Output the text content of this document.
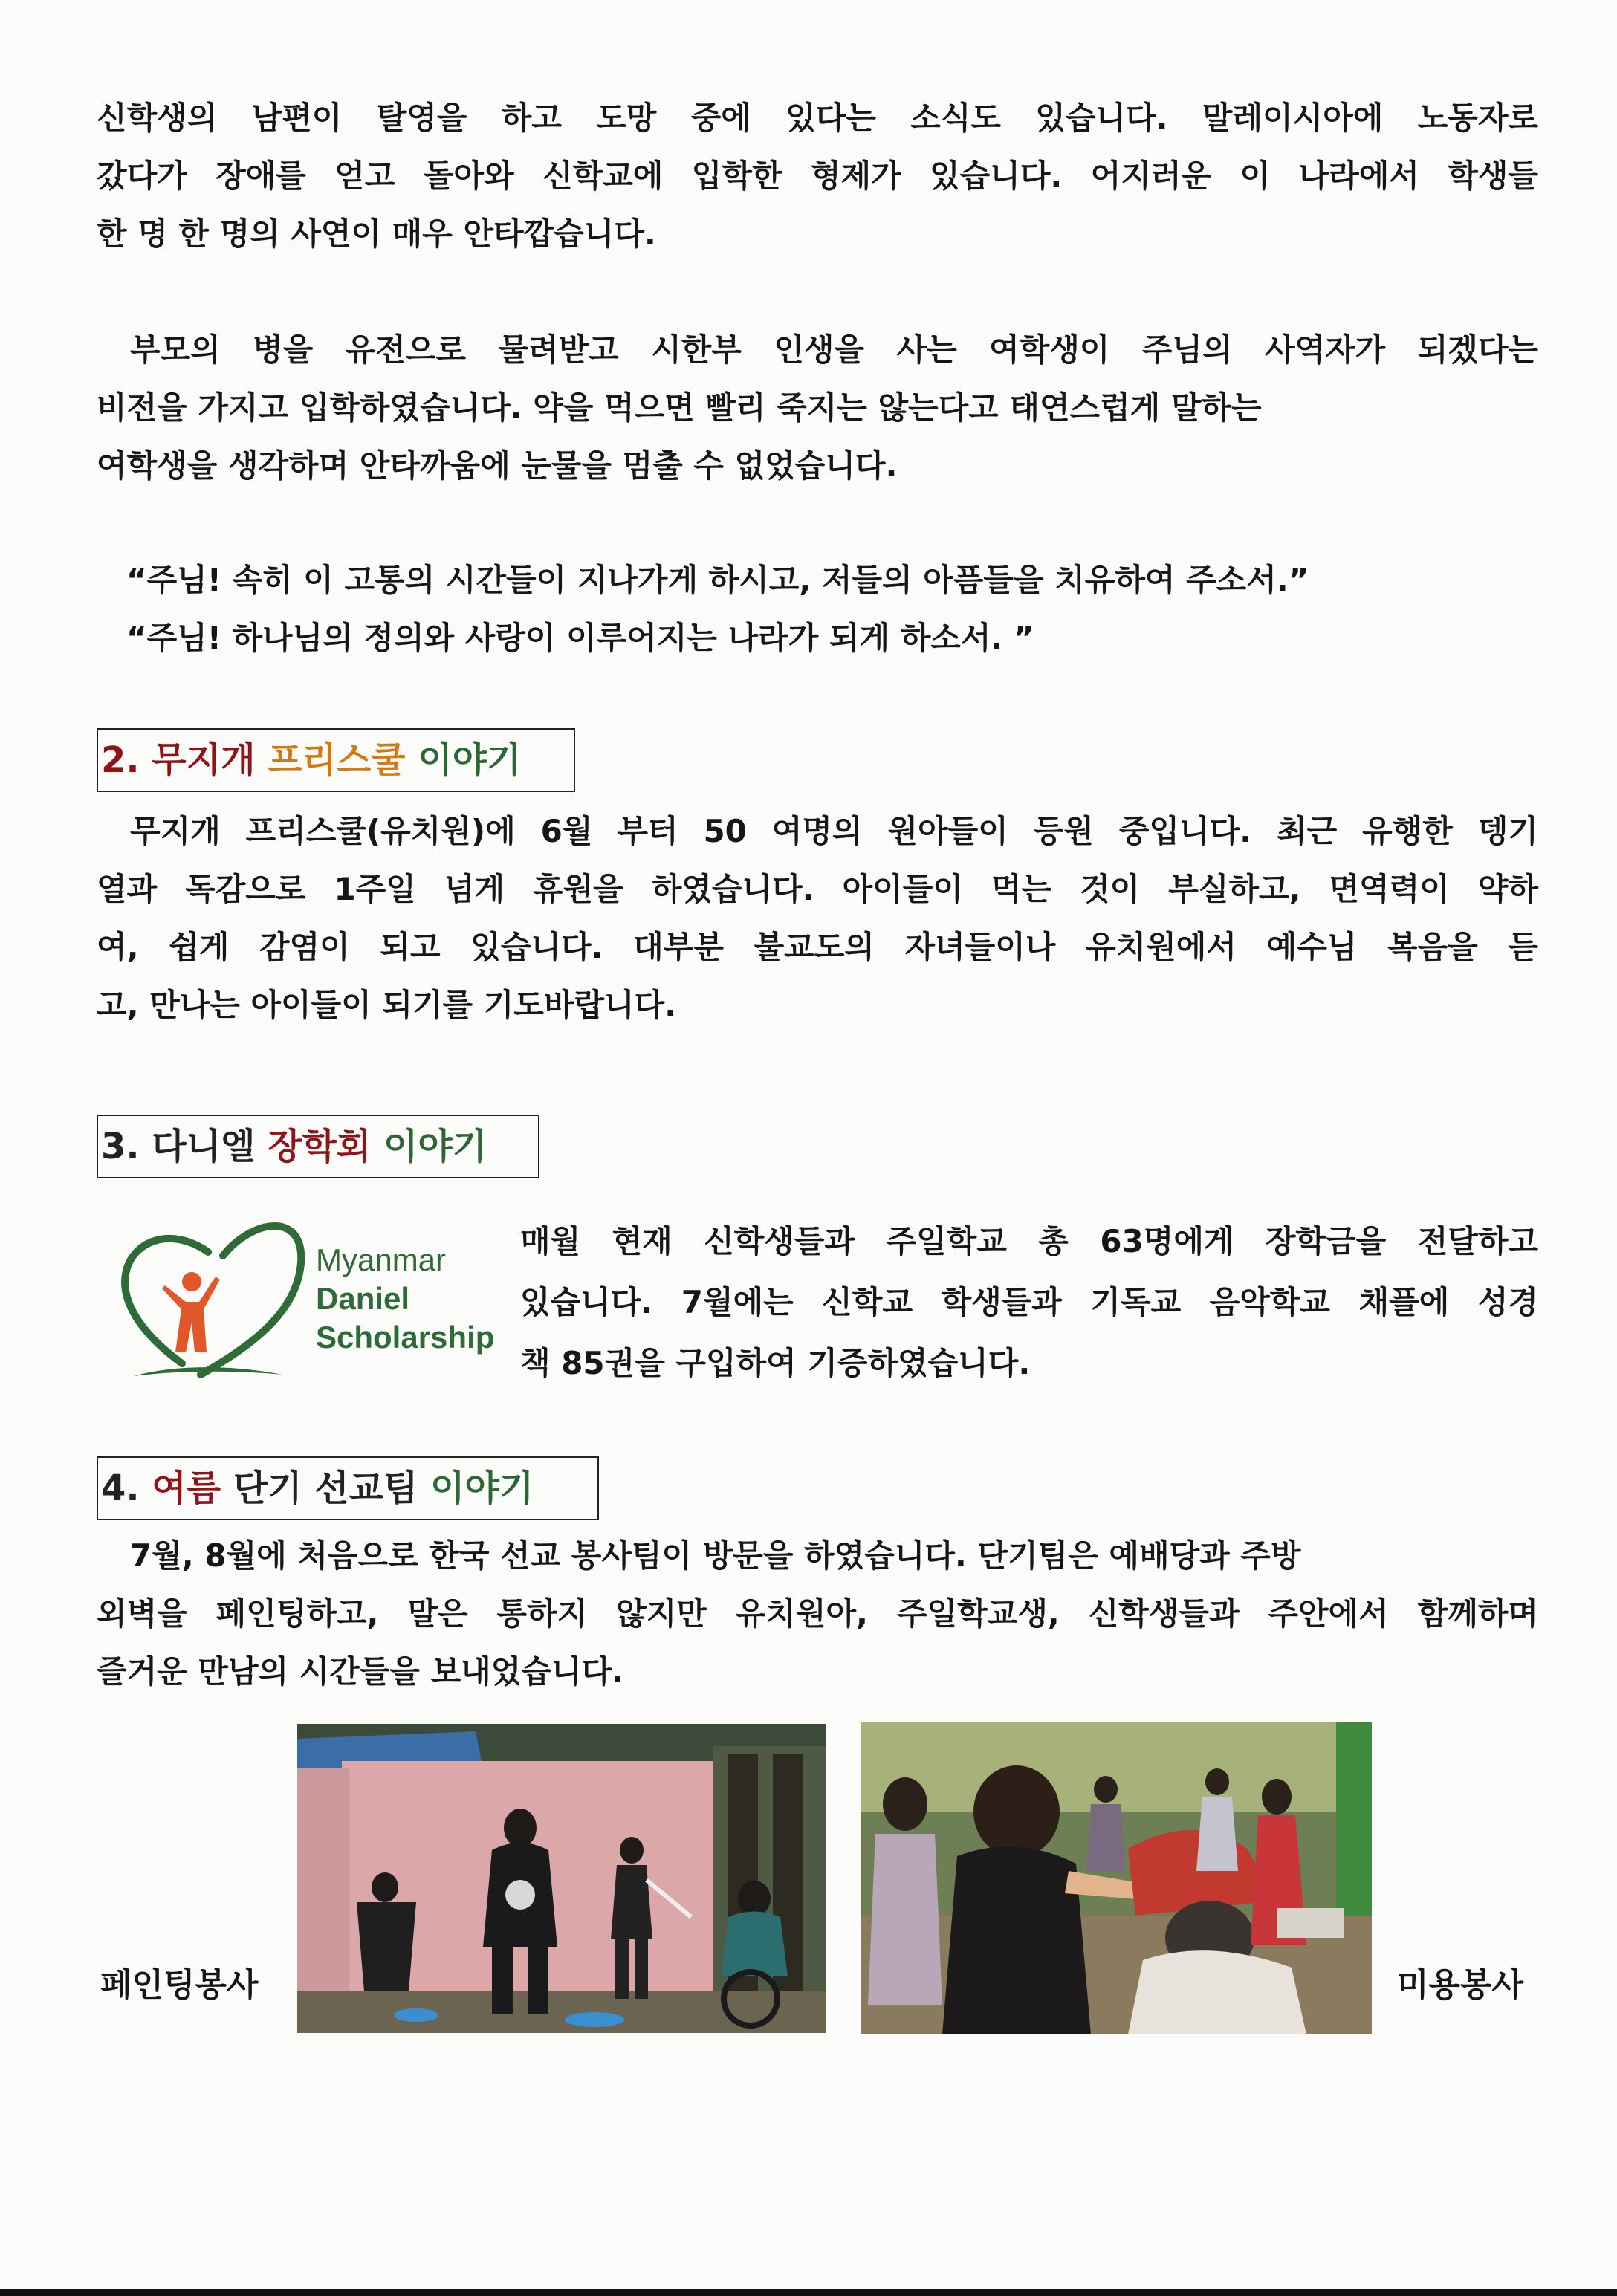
신학생의 남편이 탈영을 하고 도망 중에 있다는 소식도 있습니다. 말레이시아에 노동자로
갔다가 장애를 얻고 돌아와 신학교에 입학한 형제가 있습니다. 어지러운 이 나라에서 학생들
한 명 한 명의 사연이 매우 안타깝습니다.
부모의 병을 유전으로 물려받고 시한부 인생을 사는 여학생이 주님의 사역자가 되겠다는
비전을 가지고 입학하였습니다. 약을 먹으면 빨리 죽지는 않는다고 태연스럽게 말하는
여학생을 생각하며 안타까움에 눈물을 멈출 수 없었습니다.
“주님! 속히 이 고통의 시간들이 지나가게 하시고, 저들의 아픔들을 치유하여 주소서.”
“주님! 하나님의 정의와 사랑이 이루어지는 나라가 되게 하소서. ”
2. 무지개 프리스쿨 이야기
무지개 프리스쿨(유치원)에 6월 부터 50 여명의 원아들이 등원 중입니다. 최근 유행한 뎅기
열과 독감으로 1주일 넘게 휴원을 하였습니다. 아이들이 먹는 것이 부실하고, 면역력이 약하
여, 쉽게 감염이 되고 있습니다. 대부분 불교도의 자녀들이나 유치원에서 예수님 복음을 듣
고, 만나는 아이들이 되기를 기도바랍니다.
3. 다니엘 장학회 이야기
Myanmar
Daniel
Scholarship
매월 현재 신학생들과 주일학교 총 63명에게 장학금을 전달하고
있습니다. 7월에는 신학교 학생들과 기독교 음악학교 채플에 성경
책 85권을 구입하여 기증하였습니다.
4. 여름 단기 선교팀 이야기
7월, 8월에 처음으로 한국 선교 봉사팀이 방문을 하였습니다. 단기팀은 예배당과 주방
외벽을 페인팅하고, 말은 통하지 않지만 유치원아, 주일학교생, 신학생들과 주안에서 함께하며
즐거운 만남의 시간들을 보내었습니다.
페인팅봉사	미용봉사
